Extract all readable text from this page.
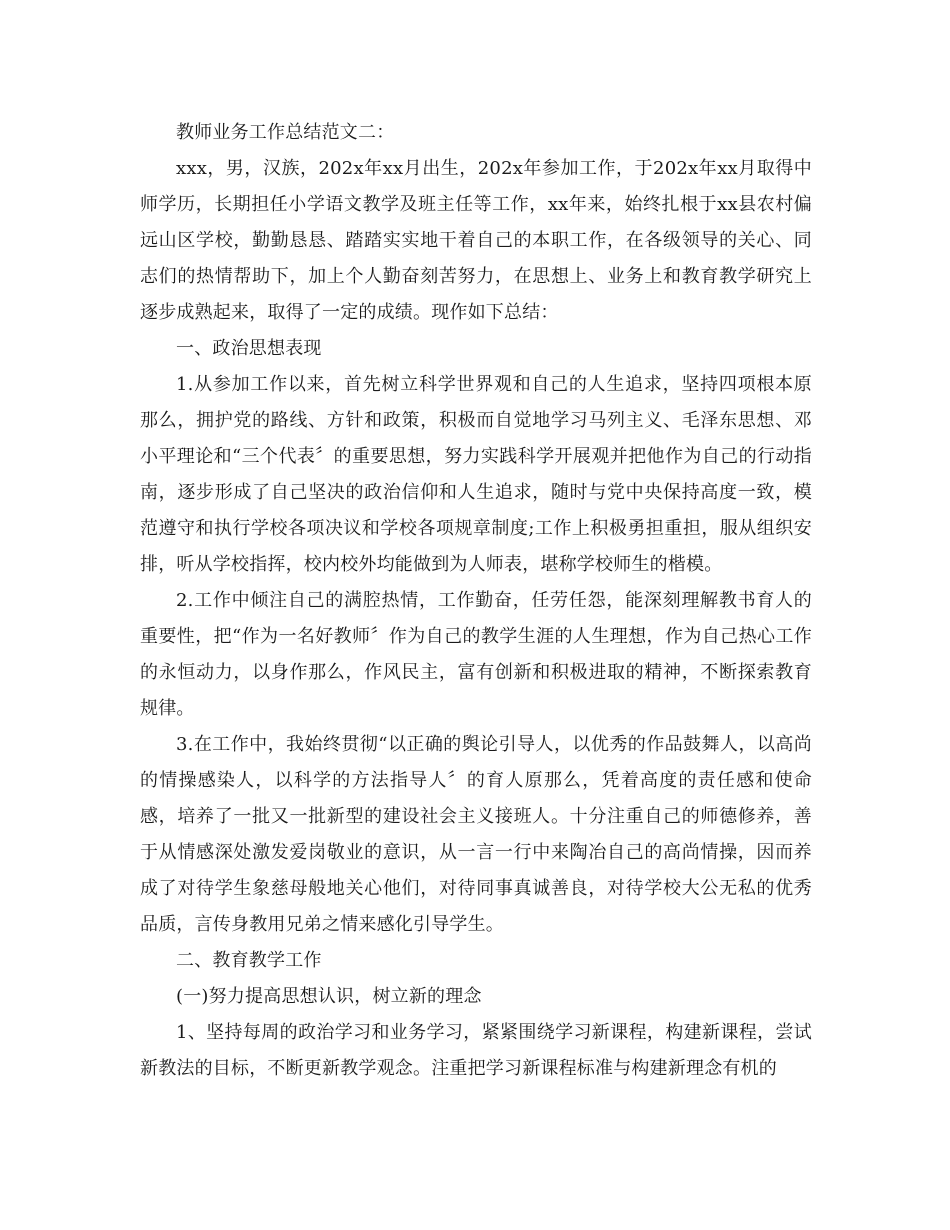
教师业务工作总结范文二：

xxx，男，汉族，202x年xx月出生，202x年参加工作，于202x年xx月取得中师学历，长期担任小学语文教学及班主任等工作，xx年来，始终扎根于xx县农村偏远山区学校，勤勤恳恳、踏踏实实地干着自己的本职工作，在各级领导的关心、同志们的热情帮助下，加上个人勤奋刻苦努力，在思想上、业务上和教育教学研究上逐步成熟起来，取得了一定的成绩。现作如下总结：

一、政治思想表现

1.从参加工作以来，首先树立科学世界观和自己的人生追求，坚持四项根本原那么，拥护党的路线、方针和政策，积极而自觉地学习马列主义、毛泽东思想、邓小平理论和“三个代表〞的重要思想，努力实践科学开展观并把他作为自己的行动指南，逐步形成了自己坚决的政治信仰和人生追求，随时与党中央保持高度一致，模范遵守和执行学校各项决议和学校各项规章制度;工作上积极勇担重担，服从组织安排，听从学校指挥，校内校外均能做到为人师表，堪称学校师生的楷模。

2.工作中倾注自己的满腔热情，工作勤奋，任劳任怨，能深刻理解教书育人的重要性，把“作为一名好教师〞作为自己的教学生涯的人生理想，作为自己热心工作的永恒动力，以身作那么，作风民主，富有创新和积极进取的精神，不断探索教育规律。

3.在工作中，我始终贯彻“以正确的舆论引导人，以优秀的作品鼓舞人，以高尚的情操感染人，以科学的方法指导人〞的育人原那么，凭着高度的责任感和使命感，培养了一批又一批新型的建设社会主义接班人。十分注重自己的师德修养，善于从情感深处激发爱岗敬业的意识，从一言一行中来陶冶自己的高尚情操，因而养成了对待学生象慈母般地关心他们，对待同事真诚善良，对待学校大公无私的优秀品质，言传身教用兄弟之情来感化引导学生。

二、教育教学工作

(一)努力提高思想认识，树立新的理念

1、坚持每周的政治学习和业务学习，紧紧围绕学习新课程，构建新课程，尝试新教法的目标，不断更新教学观念。注重把学习新课程标准与构建新理念有机的
